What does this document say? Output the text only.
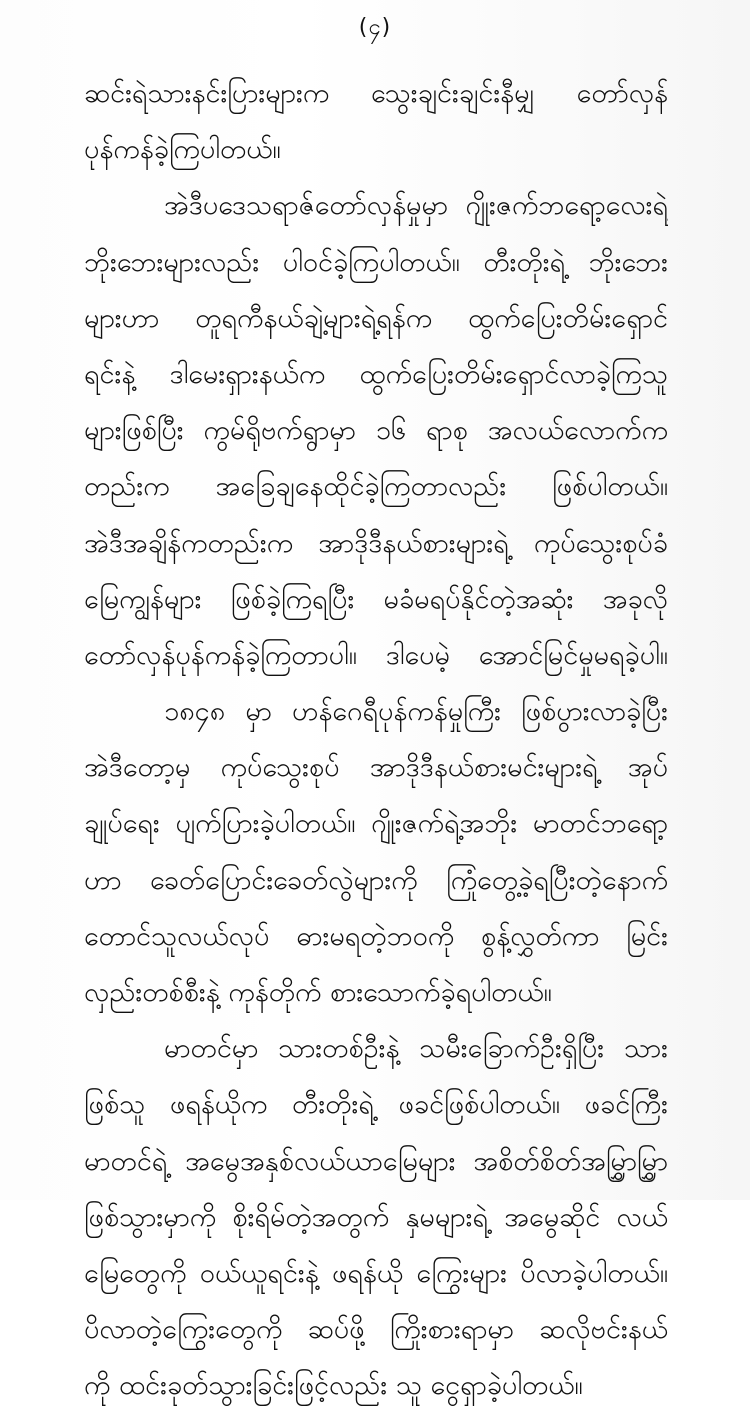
(၄)
ဆင်းရဲသားနင်းပြားများက သွေးချင်းချင်းနီမျှ တော်လှန်
ပုန်ကန်ခဲ့ကြပါတယ်။
အဲဒီပဒေသရာဇ်တော်လှန်မှုမှာ ဂျိုးဇက်ဘရော့လေးရဲ့
ဘိုးဘေးများလည်း ပါဝင်ခဲ့ကြပါတယ်။ တီးတိုးရဲ့ ဘိုးဘေး
များဟာ တူရကီနယ်ချဲ့များရဲ့ရန်က ထွက်ပြေးတိမ်းရှောင်
ရင်းနဲ့ ဒါမေးရှားနယ်က ထွက်ပြေးတိမ်းရှောင်လာခဲ့ကြသူ
များဖြစ်ပြီး ကွမ်ရိုဗက်ရွာမှာ ၁၆ ရာစု အလယ်လောက်က
တည်းက အခြေချနေထိုင်ခဲ့ကြတာလည်း ဖြစ်ပါတယ်။
အဲဒီအချိန်ကတည်းက အာဒိုဒီနယ်စားများရဲ့ ကုပ်သွေးစုပ်ခံ
မြေကျွန်များ ဖြစ်ခဲ့ကြရပြီး မခံမရပ်နိုင်တဲ့အဆုံး အခုလို
တော်လှန်ပုန်ကန်ခဲ့ကြတာပါ။ ဒါပေမဲ့ အောင်မြင်မှုမရခဲ့ပါ။
၁၈၄၈ မှာ ဟန်ဂေရီပုန်ကန်မှုကြီး ဖြစ်ပွားလာခဲ့ပြီး
အဲဒီတော့မှ ကုပ်သွေးစုပ် အာဒိုဒီနယ်စားမင်းများရဲ့ အုပ်
ချုပ်ရေး ပျက်ပြားခဲ့ပါတယ်။ ဂျိုးဇက်ရဲ့အဘိုး မာတင်ဘရော့
ဟာ ခေတ်ပြောင်းခေတ်လွဲများကို ကြုံတွေ့ခဲ့ရပြီးတဲ့နောက်
တောင်သူလယ်လုပ် ဓားမရတဲ့ဘဝကို စွန့်လွှတ်ကာ မြင်း
လှည်းတစ်စီးနဲ့ ကုန်တိုက် စားသောက်ခဲ့ရပါတယ်။
မာတင်မှာ သားတစ်ဦးနဲ့ သမီးခြောက်ဦးရှိပြီး သား
ဖြစ်သူ ဖရန်ယိုက တီးတိုးရဲ့ ဖခင်ဖြစ်ပါတယ်။ ဖခင်ကြီး
မာတင်ရဲ့ အမွေအနှစ်လယ်ယာမြေများ အစိတ်စိတ်အမြွှာမြွှာ
ဖြစ်သွားမှာကို စိုးရိမ်တဲ့အတွက် နှမများရဲ့ အမွေဆိုင် လယ်
မြေတွေကို ဝယ်ယူရင်းနဲ့ ဖရန်ယို ကြွေးများ ပိလာခဲ့ပါတယ်။
ပိလာတဲ့ကြွေးတွေကို ဆပ်ဖို့ ကြိုးစားရာမှာ ဆလိုဗင်းနယ်
ကို ထင်းခုတ်သွားခြင်းဖြင့်လည်း သူ ငွေရှာခဲ့ပါတယ်။
